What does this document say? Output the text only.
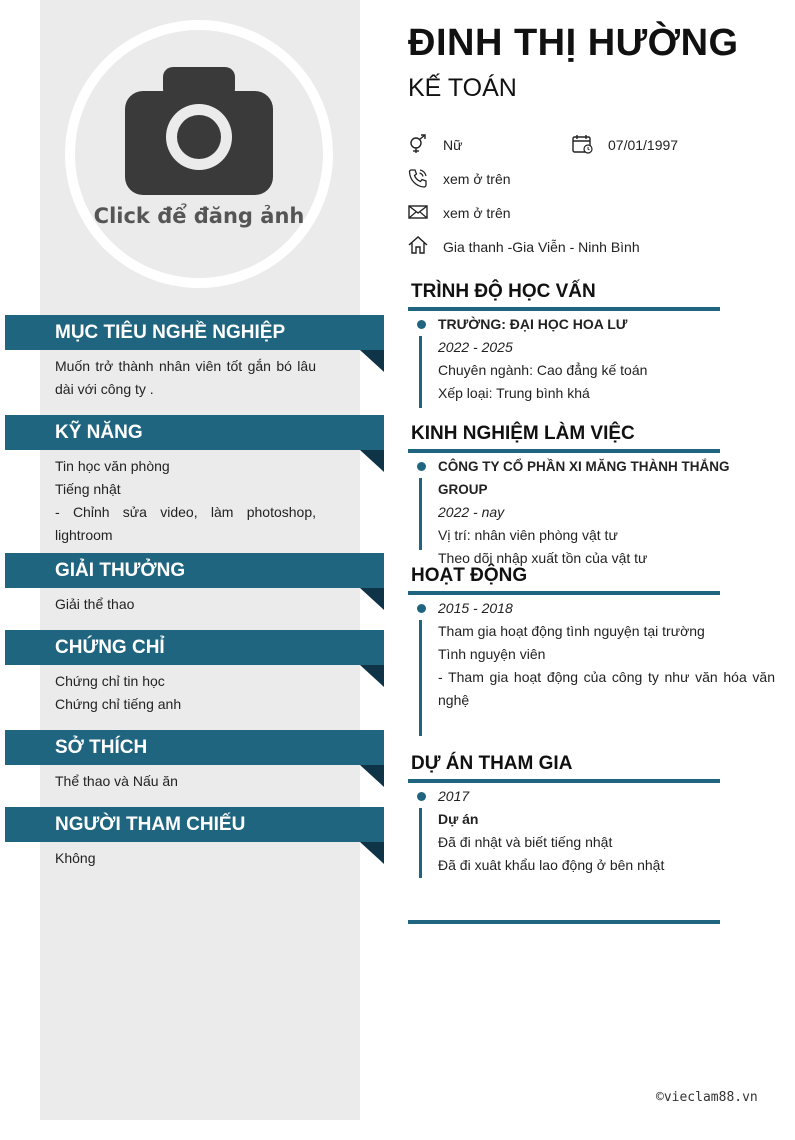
Click để đăng ảnh
MỤC TIÊU NGHỀ NGHIỆP
Muốn trở thành nhân viên tốt gắn bó lâu
dài với công ty .
KỸ NĂNG
Tin học văn phòng
Tiếng nhật
- Chỉnh sửa video, làm photoshop,
lightroom
GIẢI THƯỞNG
Giải thể thao
CHỨNG CHỈ
Chứng chỉ tin học
Chứng chỉ tiếng anh
SỞ THÍCH
Thể thao và Nấu ăn
NGƯỜI THAM CHIẾU
Không
ĐINH THỊ HƯỜNG
KẾ TOÁN
Nữ	07/01/1997
xem ở trên
xem ở trên
Gia thanh -Gia Viễn - Ninh Bình
TRÌNH ĐỘ HỌC VẤN
TRƯỜNG: ĐẠI HỌC HOA LƯ
2022 - 2025
Chuyên ngành: Cao đẳng kế toán
Xếp loại: Trung bình khá
KINH NGHIỆM LÀM VIỆC
CÔNG TY CỔ PHẦN XI MĂNG THÀNH THẮNG GROUP
2022 - nay
Vị trí: nhân viên phòng vật tư
Theo dõi nhập xuất tồn của vật tư
HOẠT ĐỘNG
2015 - 2018
Tham gia hoạt động tình nguyện tại trường
Tình nguyện viên
- Tham gia hoạt động của công ty như văn hóa văn
nghệ
DỰ ÁN THAM GIA
2017
Dự án
Đã đi nhật và biết tiếng nhật
Đã đi xuât khẩu lao động ở bên nhật
©vieclam88.vn
